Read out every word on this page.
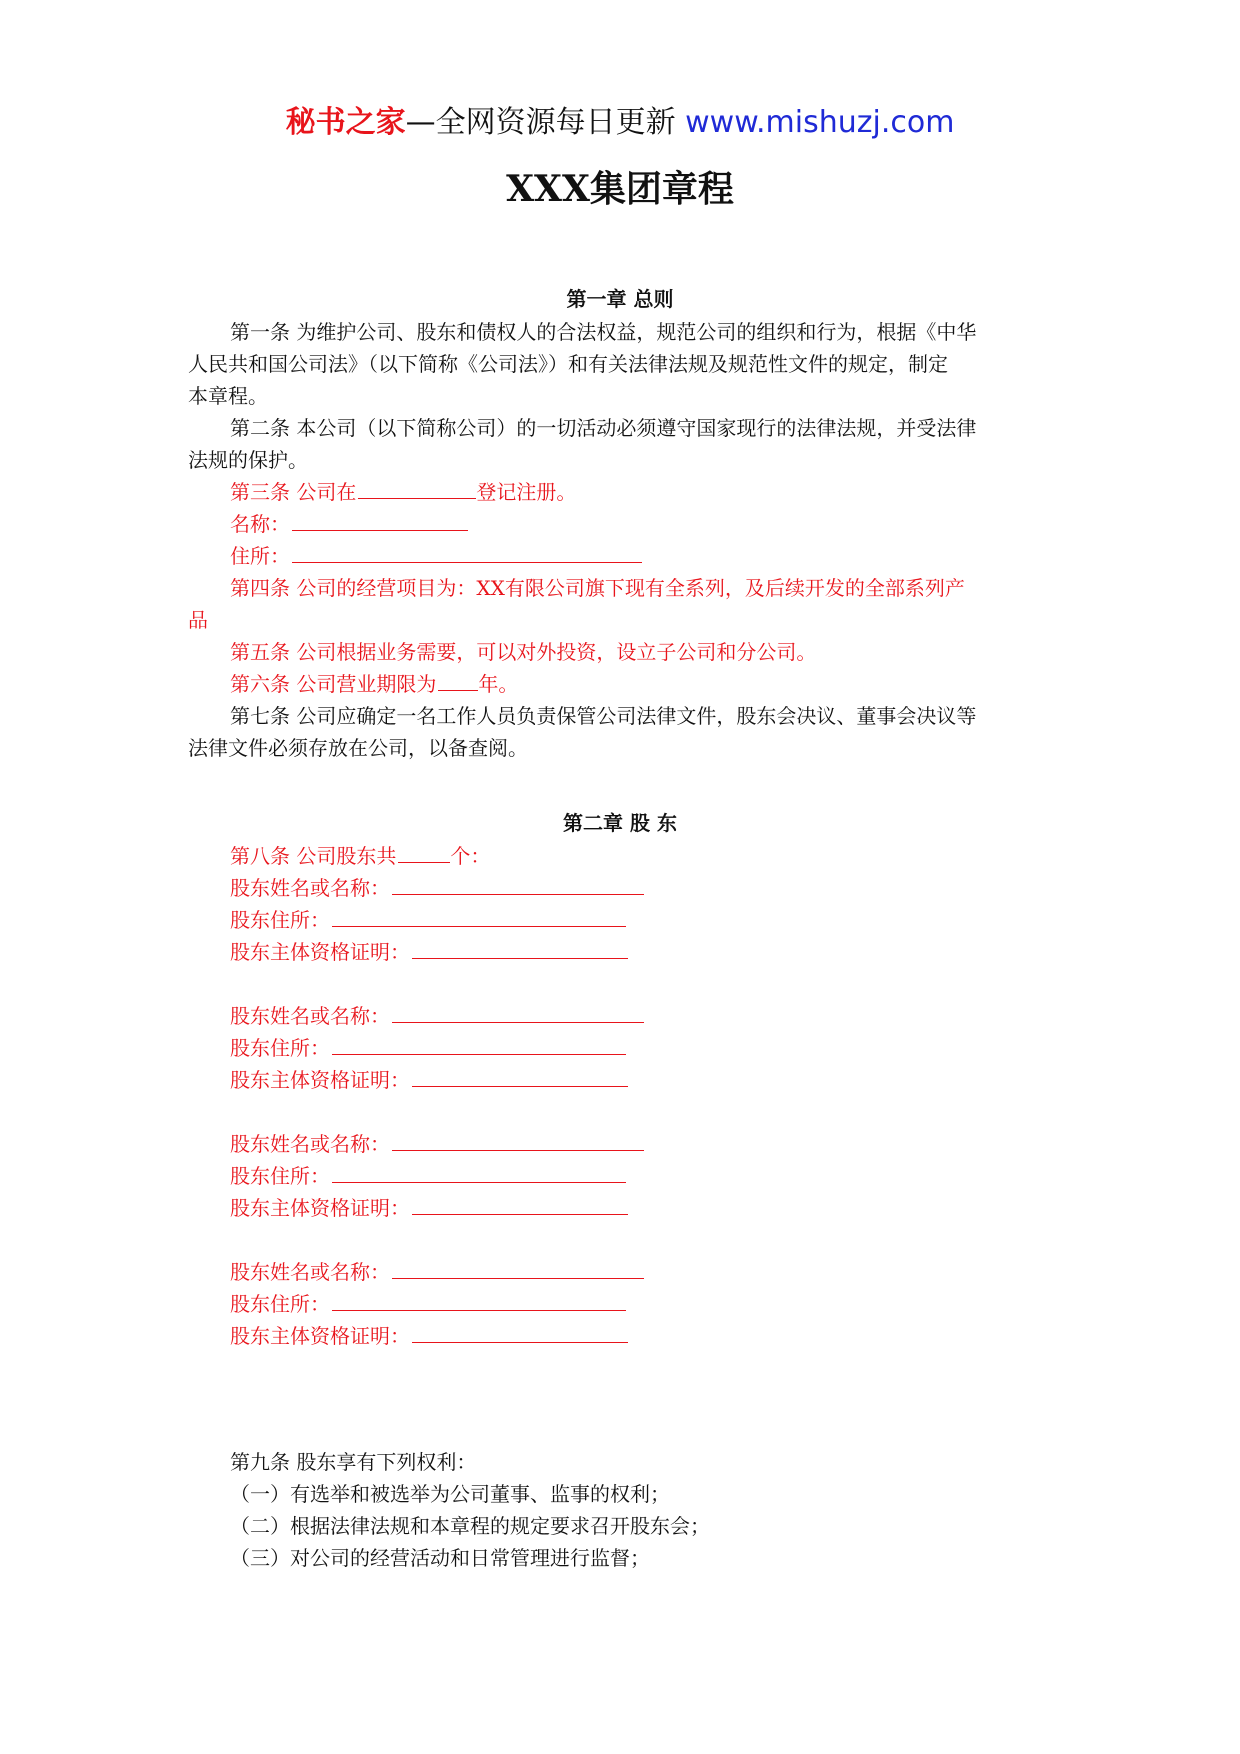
秘书之家—全网资源每日更新 www.mishuzj.com
XXX集团章程
第一章 总则
第一条 为维护公司、股东和债权人的合法权益，规范公司的组织和行为，根据《中华
人民共和国公司法》（以下简称《公司法》）和有关法律法规及规范性文件的规定，制定
本章程。
第二条 本公司（以下简称公司）的一切活动必须遵守国家现行的法律法规，并受法律
法规的保护。
第三条 公司在	登记注册。
名称：
住所：
第四条 公司的经营项目为：XX有限公司旗下现有全系列，及后续开发的全部系列产
品
第五条 公司根据业务需要，可以对外投资，设立子公司和分公司。
第六条 公司营业期限为 年。
第七条 公司应确定一名工作人员负责保管公司法律文件，股东会决议、董事会决议等
法律文件必须存放在公司，以备查阅。
第二章 股 东
第八条 公司股东共	个：
股东姓名或名称：
股东住所：
股东主体资格证明：
股东姓名或名称：
股东住所：
股东主体资格证明：
股东姓名或名称：
股东住所：
股东主体资格证明：
股东姓名或名称：
股东住所：
股东主体资格证明：
第九条 股东享有下列权利：
（一）有选举和被选举为公司董事、监事的权利；
（二）根据法律法规和本章程的规定要求召开股东会；
（三）对公司的经营活动和日常管理进行监督；
